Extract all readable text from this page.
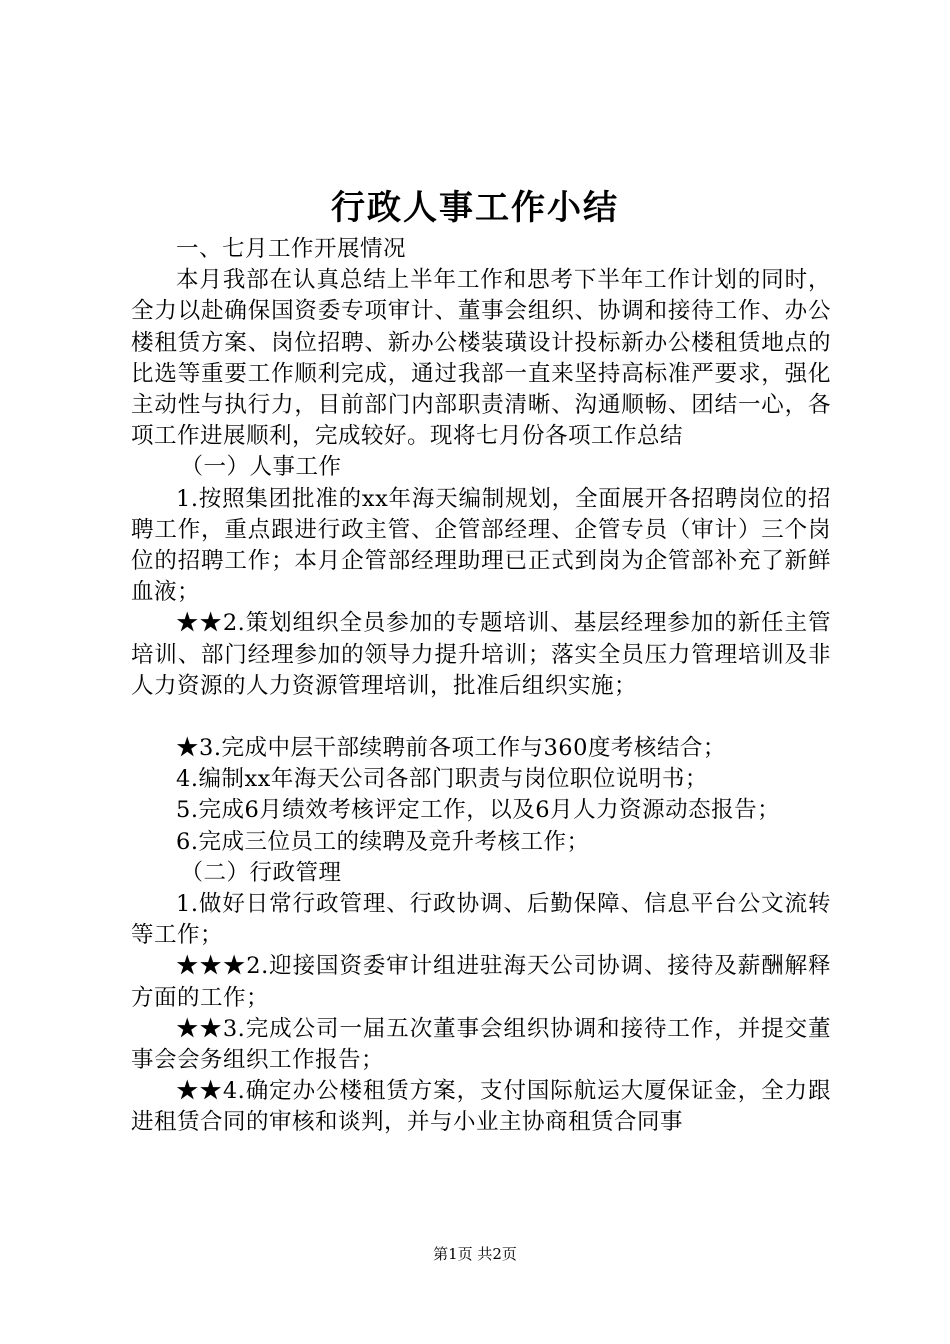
行政人事工作小结

一、七月工作开展情况

本月我部在认真总结上半年工作和思考下半年工作计划的同时，全力以赴确保国资委专项审计、董事会组织、协调和接待工作、办公楼租赁方案、岗位招聘、新办公楼装璜设计投标新办公楼租赁地点的比选等重要工作顺利完成，通过我部一直来坚持高标准严要求，强化主动性与执行力，目前部门内部职责清晰、沟通顺畅、团结一心，各项工作进展顺利，完成较好。现将七月份各项工作总结

（一）人事工作

1.按照集团批准的xx年海天编制规划，全面展开各招聘岗位的招聘工作，重点跟进行政主管、企管部经理、企管专员（审计）三个岗位的招聘工作；本月企管部经理助理已正式到岗为企管部补充了新鲜血液；

★★2.策划组织全员参加的专题培训、基层经理参加的新任主管培训、部门经理参加的领导力提升培训；落实全员压力管理培训及非人力资源的人力资源管理培训，批准后组织实施；

★3.完成中层干部续聘前各项工作与360度考核结合；

4.编制xx年海天公司各部门职责与岗位职位说明书；

5.完成6月绩效考核评定工作，以及6月人力资源动态报告；

6.完成三位员工的续聘及竞升考核工作；

（二）行政管理

1.做好日常行政管理、行政协调、后勤保障、信息平台公文流转等工作；

★★★2.迎接国资委审计组进驻海天公司协调、接待及薪酬解释方面的工作；

★★3.完成公司一届五次董事会组织协调和接待工作，并提交董事会会务组织工作报告；

★★4.确定办公楼租赁方案，支付国际航运大厦保证金，全力跟进租赁合同的审核和谈判，并与小业主协商租赁合同事

第1页 共2页
